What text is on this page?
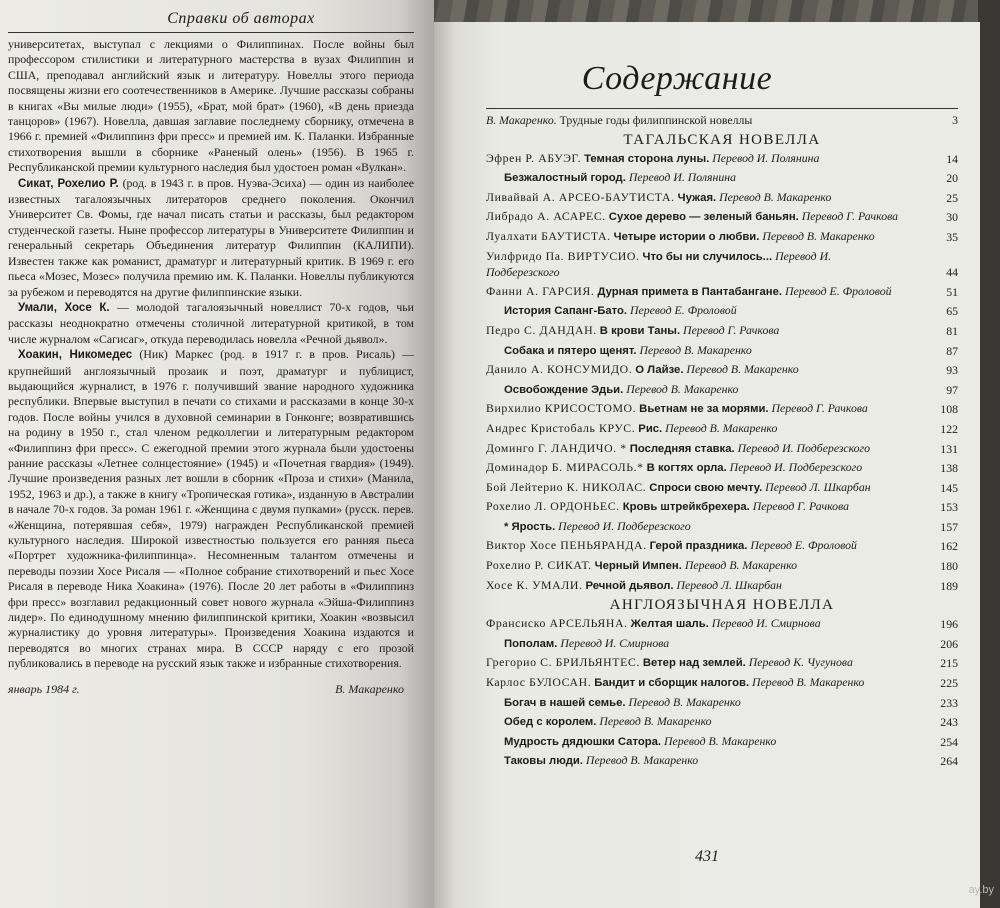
Справки об авторах

университетах, выступал с лекциями о Филиппинах. После войны был профессором стилистики и литературного мастерства в вузах Филиппин и США, преподавал английский язык и литературу. Новеллы этого периода посвящены жизни его соотечественников в Америке. Лучшие рассказы собраны в книгах «Вы милые люди» (1955), «Брат, мой брат» (1960), «В день приезда танцоров» (1967). Новелла, давшая заглавие последнему сборнику, отмечена в 1966 г. премией «Филиппинз фри пресс» и премией им. К. Паланки. Избранные стихотворения вышли в сборнике «Раненый олень» (1956). В 1965 г. Республиканской премии культурного наследия был удостоен роман «Вулкан».

Сикат, Рохелио Р. (род. в 1943 г. в пров. Нуэва-Эсиха) — один из наиболее известных тагалоязычных литераторов среднего поколения. Окончил Университет Св. Фомы, где начал писать статьи и рассказы, был редактором студенческой газеты. Ныне профессор литературы в Университете Филиппин и генеральный секретарь Объединения литератур Филиппин (КАЛИПИ). Известен также как романист, драматург и литературный критик. В 1969 г. его пьеса «Мозес, Мозес» получила премию им. К. Паланки. Новеллы публикуются за рубежом и переводятся на другие филиппинские языки.

Умали, Хосе К. — молодой тагалоязычный новеллист 70-х годов, чьи рассказы неоднократно отмечены столичной литературной критикой, в том числе журналом «Сагисаг», откуда переводилась новелла «Речной дьявол».

Хоакин, Никомедес (Ник) Маркес (род. в 1917 г. в пров. Рисаль) — крупнейший англоязычный прозаик и поэт, драматург и публицист, выдающийся журналист, в 1976 г. получивший звание народного художника республики. Впервые выступил в печати со стихами и рассказами в конце 30-х годов. После войны учился в духовной семинарии в Гонконге; возвратившись на родину в 1950 г., стал членом редколлегии и литературным редактором «Филиппинз фри пресс». С ежегодной премии этого журнала были удостоены ранние рассказы «Летнее солнцестояние» (1945) и «Почетная гвардия» (1949). Лучшие произведения разных лет вошли в сборник «Проза и стихи» (Манила, 1952, 1963 и др.), а также в книгу «Тропическая готика», изданную в Австралии в начале 70-х годов. За роман 1961 г. «Женщина с двумя пупками» (русск. перев. «Женщина, потерявшая себя», 1979) награжден Республиканской премией культурного наследия. Широкой известностью пользуется его ранняя пьеса «Портрет художника-филиппинца». Несомненным талантом отмечены и переводы поэзии Хосе Рисаля — «Полное собрание стихотворений и пьес Хосе Рисаля в переводе Ника Хоакина» (1976). После 20 лет работы в «Филиппинз фри пресс» возглавил редакционный совет нового журнала «Эйша-Филиппинз лидер». По единодушному мнению филиппинской критики, Хоакин «возвысил журналистику до уровня литературы». Произведения Хоакина издаются и переводятся во многих странах мира. В СССР наряду с его прозой публиковались в переводе на русский язык также и избранные стихотворения.

январь 1984 г.	В. Макаренко
Содержание
В. Макаренко. Трудные годы филиппинской новеллы	3
ТАГАЛЬСКАЯ НОВЕЛЛА
Эфрен Р. АБУЭГ. Темная сторона луны. Перевод И. Полянина	14
Безжалостный город. Перевод И. Полянина	20
Ливайвай А. АРСЕО-БАУТИСТА. Чужая. Перевод В. Макаренко	25
Либрадо А. АСАРЕС. Сухое дерево — зеленый баньян. Перевод Г. Рачкова	30
Луалхати БАУТИСТА. Четыре истории о любви. Перевод В. Макаренко	35
Уилфридо Па. ВИРТУСИО. Что бы ни случилось... Перевод И. Подберезского	44
Фанни А. ГАРСИЯ. Дурная примета в Пантабангане. Перевод Е. Фроловой	51
История Сапанг-Бато. Перевод Е. Фроловой	65
Педро С. ДАНДАН. В крови Таны. Перевод Г. Рачкова	81
Собака и пятеро щенят. Перевод В. Макаренко	87
Данило А. КОНСУМИДО. О Лайзе. Перевод В. Макаренко	93
Освобождение Эдьи. Перевод В. Макаренко	97
Вирхилио КРИСОСТОМО. Вьетнам не за морями. Перевод Г. Рачкова	108
Андрес Кристобаль КРУС. Рис. Перевод В. Макаренко	122
Доминго Г. ЛАНДИЧО. * Последняя ставка. Перевод И. Подберезского	131
Доминадор Б. МИРАСОЛЬ.* В когтях орла. Перевод И. Подберезского	138
Бой Лейтерио К. НИКОЛАС. Спроси свою мечту. Перевод Л. Шкарбан	145
Рохелио Л. ОРДОНЬЕС. Кровь штрейкбрехера. Перевод Г. Рачкова	153
* Ярость. Перевод И. Подберезского	157
Виктор Хосе ПЕНЬЯРАНДА. Герой праздника. Перевод Е. Фроловой	162
Рохелио Р. СИКАТ. Черный Импен. Перевод В. Макаренко	180
Хосе К. УМАЛИ. Речной дьявол. Перевод Л. Шкарбан	189
АНГЛОЯЗЫЧНАЯ НОВЕЛЛА
Франсиско АРСЕЛЬЯНА. Желтая шаль. Перевод И. Смирнова	196
Пополам. Перевод И. Смирнова	206
Грегорио С. БРИЛЬЯНТЕС. Ветер над землей. Перевод К. Чугунова	215
Карлос БУЛОСАН. Бандит и сборщик налогов. Перевод В. Макаренко	225
Богач в нашей семье. Перевод В. Макаренко	233
Обед с королем. Перевод В. Макаренко	243
Мудрость дядюшки Сатора. Перевод В. Макаренко	254
Таковы люди. Перевод В. Макаренко	264
431
ay.by
